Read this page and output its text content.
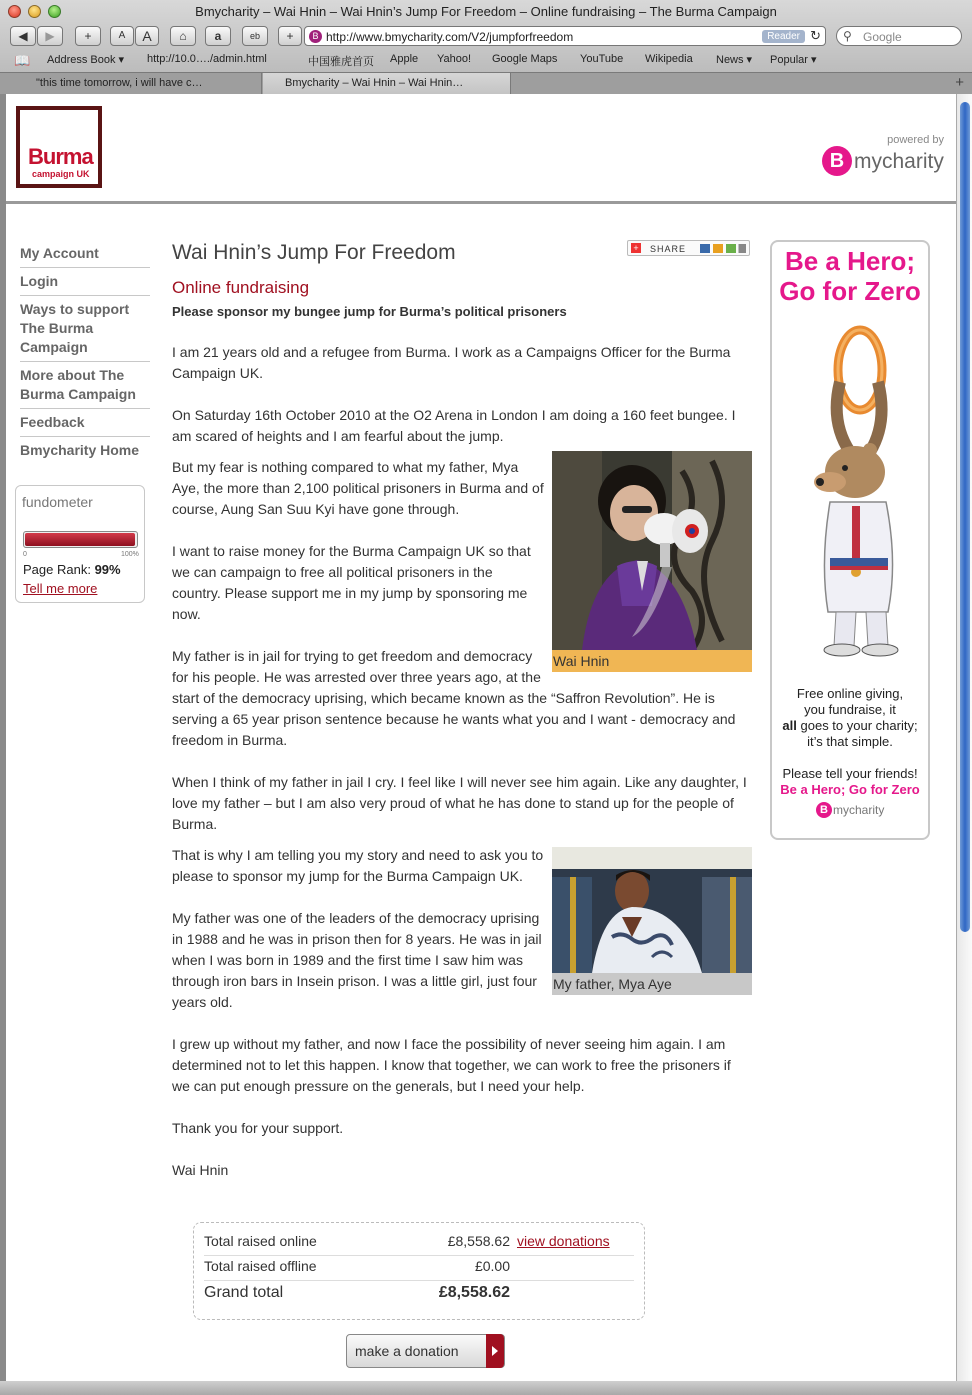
Bmycharity – Wai Hnin – Wai Hnin’s Jump For Freedom – Online fundraising – The Burma Campaign
◀	▶	+	A	A	⌂	a	eb	+	B http://www.bmycharity.com/V2/jumpforfreedom	Reader ↻ ⚲ Google
📖 Address Book ▾ http://10.0…./admin.html	中国雅虎首页 Apple Yahoo! Google Maps YouTube Wikipedia News ▾ Popular ▾
"this time tomorrow, i will have c…	Bmycharity – Wai Hnin – Wai Hnin…	+
Burma
campaign UK
powered by
B mycharity
My Account
Login
Ways to support The Burma Campaign
More about The Burma Campaign
Feedback
Bmycharity Home
fundometer
0	100%
Page Rank: 99%
Tell me more
Wai Hnin’s Jump For Freedom	+ SHARE
Online fundraising
Please sponsor my bungee jump for Burma’s political prisoners

I am 21 years old and a refugee from Burma. I work as a Campaigns Officer for the Burma Campaign UK.

On Saturday 16th October 2010 at the O2 Arena in London I am doing a 160 feet bungee. I am scared of heights and I am fearful about the jump.

Wai Hnin

But my fear is nothing compared to what my father, Mya Aye, the more than 2,100 political prisoners in Burma and of course, Aung San Suu Kyi have gone through.

I want to raise money for the Burma Campaign UK so that we can campaign to free all political prisoners in the country. Please support me in my jump by sponsoring me now.

My father is in jail for trying to get freedom and democracy for his people. He was arrested over three years ago, at the start of the democracy uprising, which became known as the “Saffron Revolution”. He is serving a 65 year prison sentence because he wants what you and I want - democracy and freedom in Burma.

When I think of my father in jail I cry. I feel like I will never see him again. Like any daughter, I love my father – but I am also very proud of what he has done to stand up for the people of Burma.

My father, Mya Aye

That is why I am telling you my story and need to ask you to please to sponsor my jump for the Burma Campaign UK.

My father was one of the leaders of the democracy uprising in 1988 and he was in prison then for 8 years. He was in jail when I was born in 1989 and the first time I saw him was through iron bars in Insein prison. I was a little girl, just four years old.

I grew up without my father, and now I face the possibility of never seeing him again. I am determined not to let this happen. I know that together, we can work to free the prisoners if we can put enough pressure on the generals, but I need your help.

Thank you for your support.

Wai Hnin

Total raised online	£8,558.62 view donations
Total raised offline	£0.00
Grand total	£8,558.62
make a donation
Be a Hero;
Go for Zero
Free online giving,
you fundraise, it
all goes to your charity;
it’s that simple.
Please tell your friends!
Be a Hero; Go for Zero
B mycharity
